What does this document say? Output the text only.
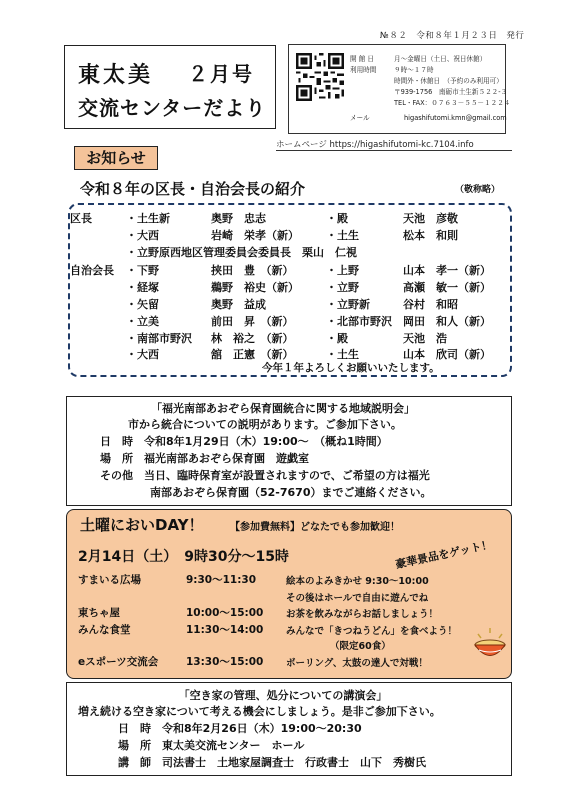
№８２　令和８年１月２３日　発行
東太美 ２月号
交流センターだより
開 館 日	月～金曜日（土日、祝日休館）
利用時間	９時～１７時
時間外・休館日　（予約のみ利用可）
〒939-1756　南砺市土生新５２２-３
TEL・FAX：０７６３－５５－１２２４
メール	higashifutomi.kmn@gmail.com
ホームページ https://higashifutomi-kc.7104.info
お知らせ
令和８年の区長・自治会長の紹介	（敬称略）
区長
自治会長
・土生新	奥野　忠志	・殿	天池　彦敬
・大西	岩崎　栄孝（新） ・土生	松本　和則
・立野原西地区管理委員会委員長　栗山　仁視
・下野	挟田　豊　（新）	・上野	山本　孝一（新）
・経塚	鵜野　裕史（新） ・立野	高瀬　敏一（新）
・矢留	奥野　益成	・立野新	谷村　和昭
・立美	前田　昇　（新）	・北部市野沢 岡田　和人（新）
・南部市野沢 林　裕之　（新）	・殿	天池　浩
・大西	舘　正憲　（新）	・土生	山本　欣司（新）
今年１年よろしくお願いいたします。
「福光南部あおぞら保育園統合に関する地域説明会」
市から統合についての説明があります。ご参加下さい。
日　時　令和8年1月29日（木）19:00～　（概ね1時間）
場　所　福光南部あおぞら保育園　遊戯室
その他　当日、臨時保育室が設置されますので、ご希望の方は福光
南部あおぞら保育園（52-7670）までご連絡ください。
土曜においDAY！	【参加費無料】どなたでも参加歓迎！
2月14日（土）　9時30分～15時	豪華景品をゲット！
すまいる広場	9:30～11:30	絵本のよみきかせ 9:30～10:00
その後はホールで自由に遊んでね
東ちゃ屋	10:00～15:00 お茶を飲みながらお話しましょう！
みんな食堂	11:30～14:00 みんなで「きつねうどん」を食べよう！
（限定60食）
eスポーツ交流会	13:30～15:00 ボーリング、太鼓の達人で対戦！
「空き家の管理、処分についての講演会」
増え続ける空き家について考える機会にしましょう。是非ご参加下さい。
日　時　令和8年2月26日（木）19:00～20:30
場　所　東太美交流センター　ホール
講　師　司法書士　土地家屋調査士　行政書士　山下　秀樹氏
